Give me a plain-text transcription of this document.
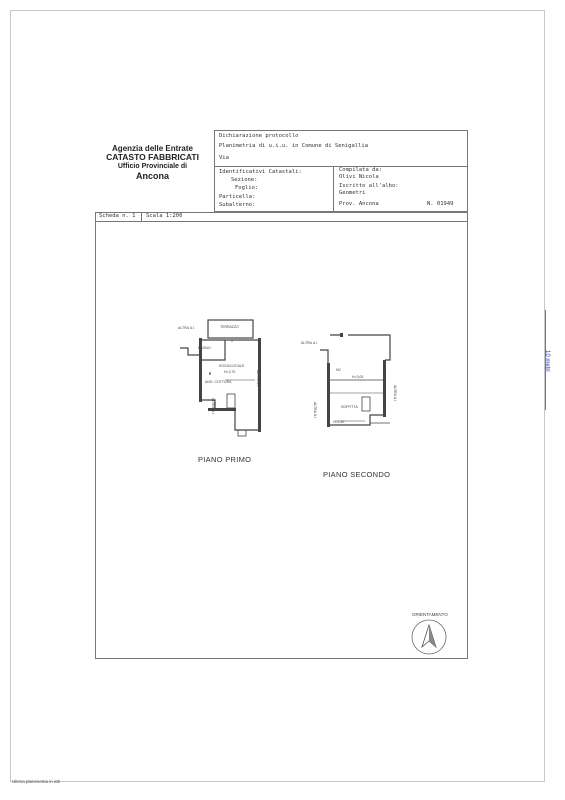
Agenzia delle Entrate
CATASTO FABBRICATI
Ufficio Provinciale di
Ancona
Dichiarazione protocollo
Planimetria di u.i.u. in Comune di Senigallia
Via
Identificativi Catastali:
Sezione:
Foglio:
Particella:
Subalterno:
Compilata da:
Olivi Nicola
Iscritto all'albo:
Geometri
Prov. Ancona	N. 01949
Scheda n. 1 Scala 1:200
ALTRA U.I.	TERRAZZO
BAGNO
SOGG/LOCALE
H=2,70
ANG. COTTURA	ALTRA U.I.
ALTRA U.I.
PIANO PRIMO
ALTRA U.I.
NC
H=3,00
SOFFITTA
H=1,50
ALTRA U.I.
ALTRA U.I.
PIANO SECONDO
ORIENTAMENTO
10 metri
Ultima planimetria in atti
